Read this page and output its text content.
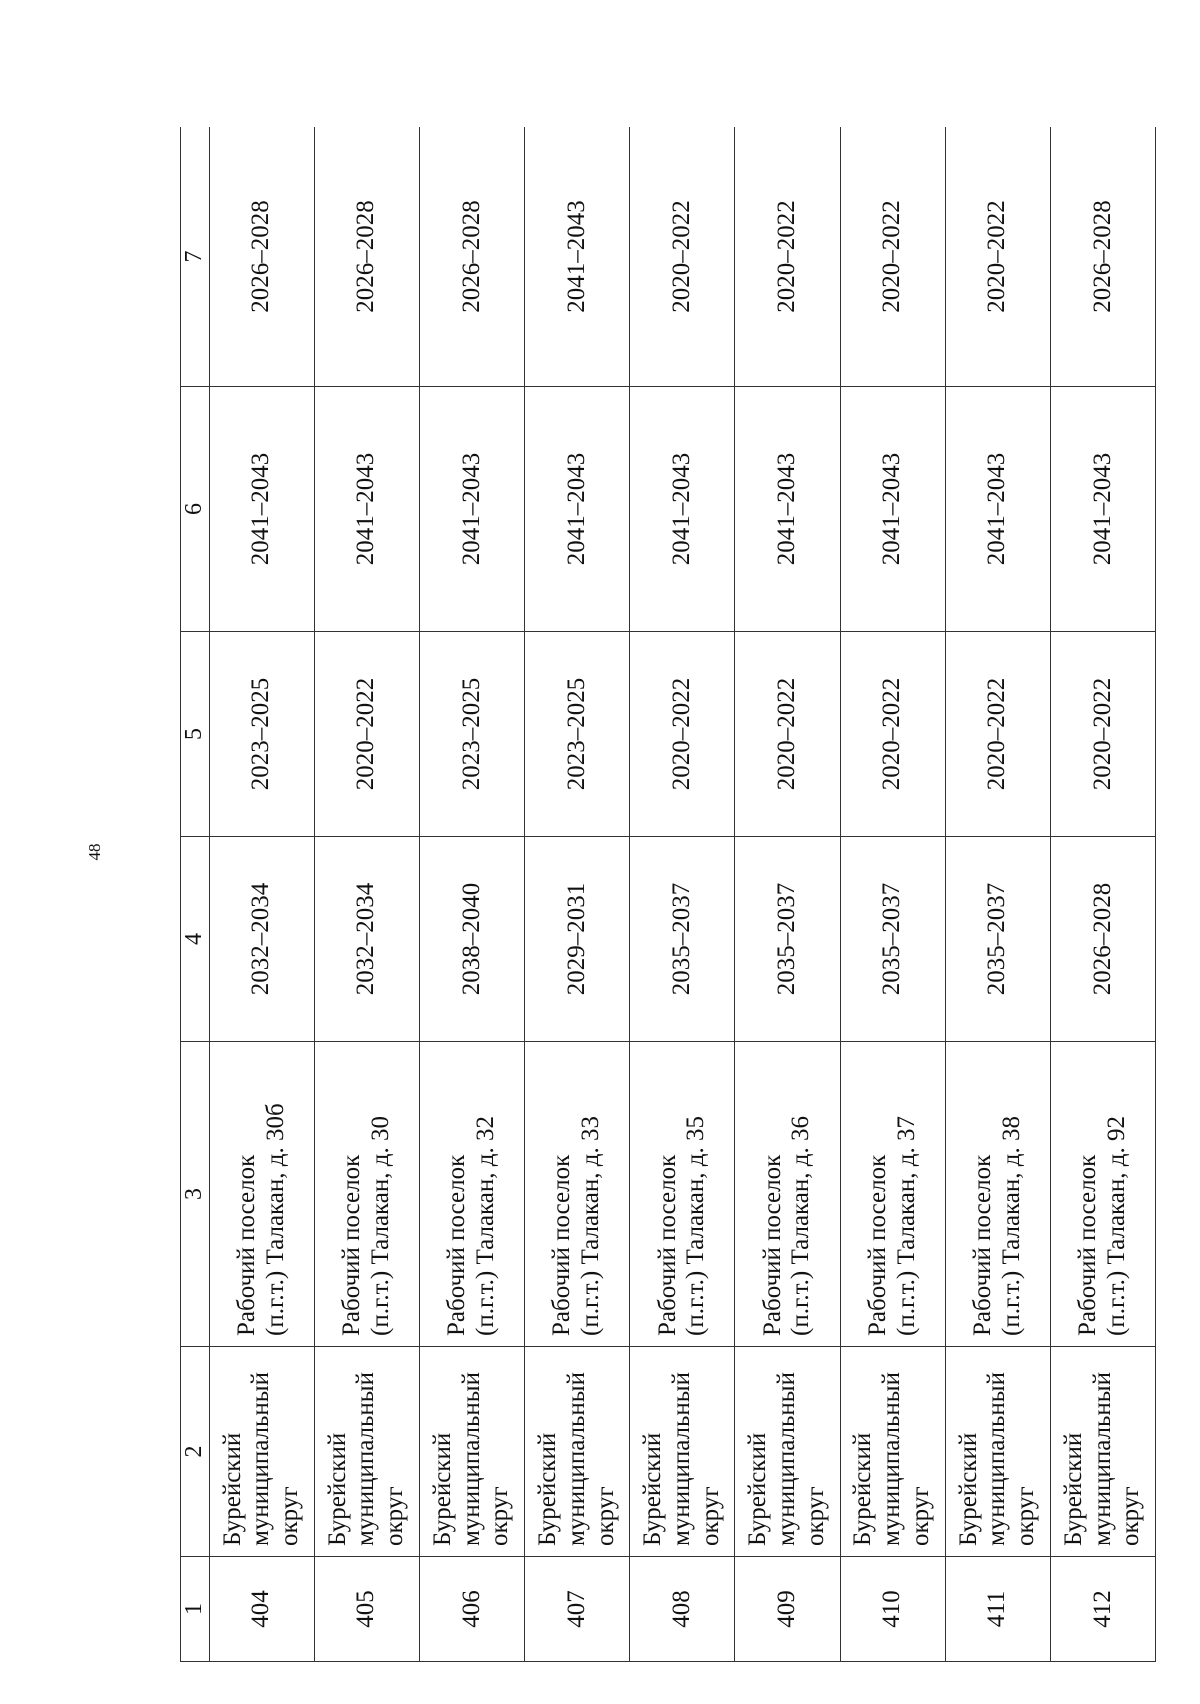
48
1	2	3	4	5	6	7
404	Бурейский муниципальный округ	Рабочий поселок (п.г.т.) Талакан, д. 30б	2032–2034	2023–2025	2041–2043	2026–2028
405	Бурейский муниципальный округ	Рабочий поселок (п.г.т.) Талакан, д. 30	2032–2034	2020–2022	2041–2043	2026–2028
406	Бурейский муниципальный округ	Рабочий поселок (п.г.т.) Талакан, д. 32	2038–2040	2023–2025	2041–2043	2026–2028
407	Бурейский муниципальный округ	Рабочий поселок (п.г.т.) Талакан, д. 33	2029–2031	2023–2025	2041–2043	2041–2043
408	Бурейский муниципальный округ	Рабочий поселок (п.г.т.) Талакан, д. 35	2035–2037	2020–2022	2041–2043	2020–2022
409	Бурейский муниципальный округ	Рабочий поселок (п.г.т.) Талакан, д. 36	2035–2037	2020–2022	2041–2043	2020–2022
410	Бурейский муниципальный округ	Рабочий поселок (п.г.т.) Талакан, д. 37	2035–2037	2020–2022	2041–2043	2020–2022
411	Бурейский муниципальный округ	Рабочий поселок (п.г.т.) Талакан, д. 38	2035–2037	2020–2022	2041–2043	2020–2022
412	Бурейский муниципальный округ	Рабочий поселок (п.г.т.) Талакан, д. 92	2026–2028	2020–2022	2041–2043	2026–2028
